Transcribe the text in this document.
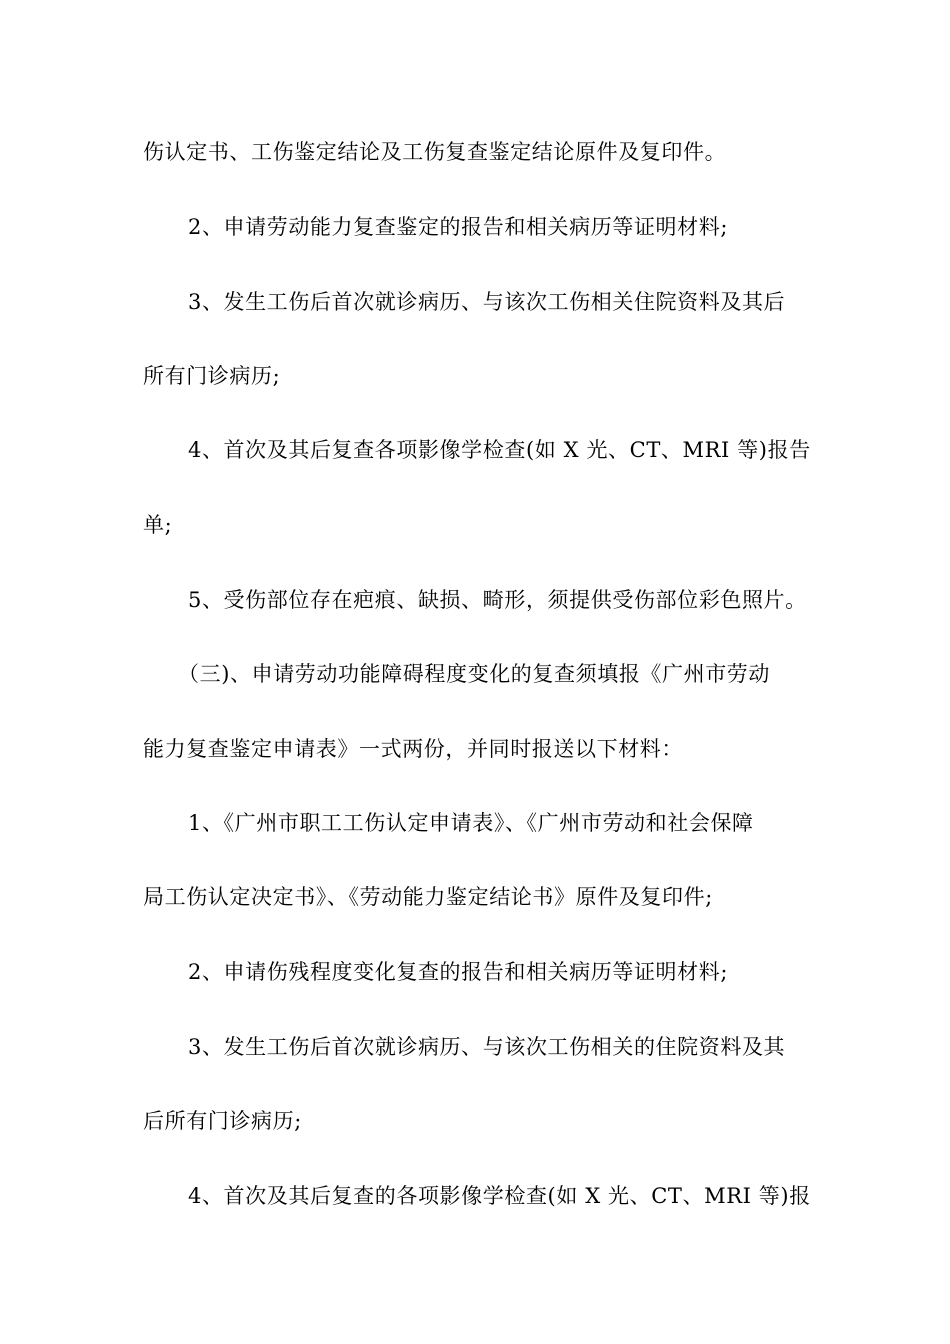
伤认定书、工伤鉴定结论及工伤复查鉴定结论原件及复印件。
2、申请劳动能力复查鉴定的报告和相关病历等证明材料;
3、发生工伤后首次就诊病历、与该次工伤相关住院资料及其后
所有门诊病历;
4、首次及其后复查各项影像学检查(如 X 光、CT、MRI 等)报告
单;
5、受伤部位存在疤痕、缺损、畸形，须提供受伤部位彩色照片。
（三)、申请劳动功能障碍程度变化的复查须填报《广州市劳动
能力复查鉴定申请表》一式两份，并同时报送以下材料：
1、《广州市职工工伤认定申请表》、《广州市劳动和社会保障
局工伤认定决定书》、《劳动能力鉴定结论书》原件及复印件;
2、申请伤残程度变化复查的报告和相关病历等证明材料;
3、发生工伤后首次就诊病历、与该次工伤相关的住院资料及其
后所有门诊病历;
4、首次及其后复查的各项影像学检查(如 X 光、CT、MRI 等)报
